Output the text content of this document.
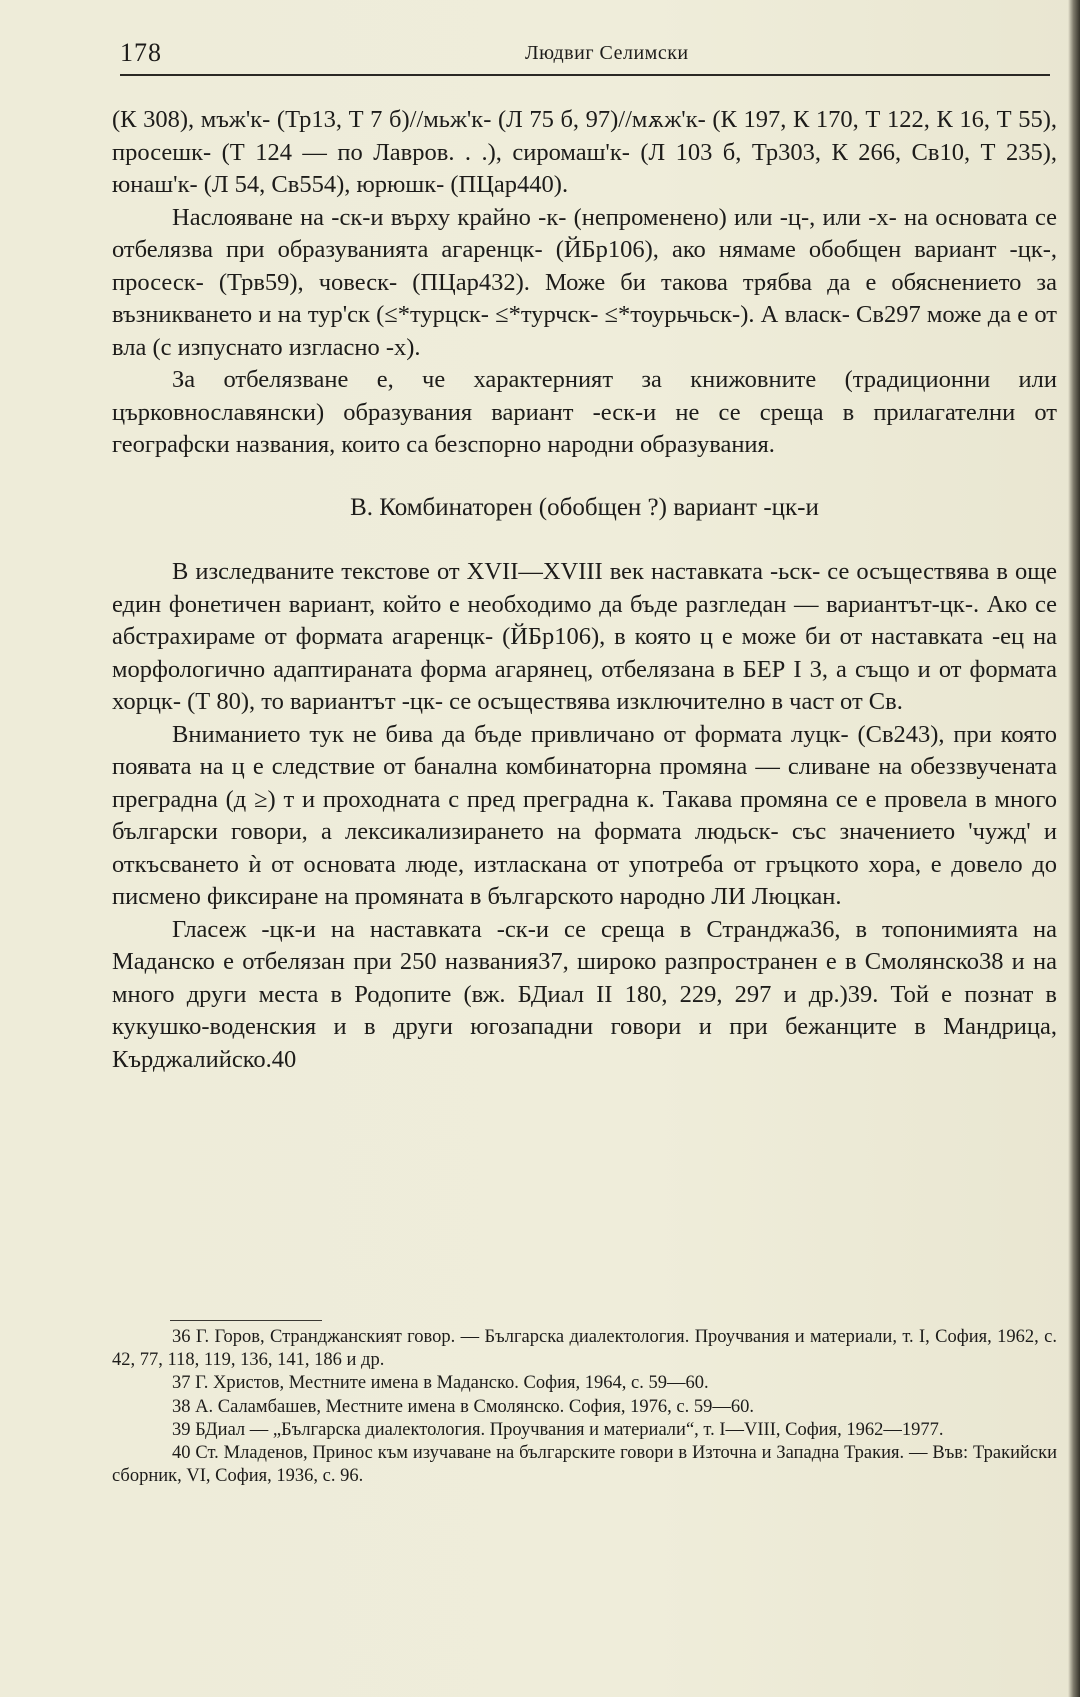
178	Людвиг Селимски

(К 308), мъж'к- (Тр13, Т 7 б)//мьж'к- (Л 75 б, 97)//мѫж'к- (К 197, К 170, Т 122, К 16, Т 55), просешк- (Т 124 — по Лавров. . .), сиромаш'к- (Л 103 б, Тр303, К 266, Св10, Т 235), юнаш'к- (Л 54, Св554), юрюшк- (ПЦар440).

Наслояване на -ск-и върху крайно -к- (непроменено) или -ц-, или -х- на основата се отбелязва при образуванията агаренцк- (ЙБр106), ако нямаме обобщен вариант -цк-, просеск- (Трв59), човеск- (ПЦар432). Може би такова трябва да е обяснението за възникването и на тур'ск (≤*турцск- ≤*турчск- ≤*тоурьчьск-). А власк- Св297 може да е от вла (с изпуснато изгласно -х).

За отбелязване е, че характерният за книжовните (традиционни или църковнославянски) образувания вариант -еск-и не се среща в прилагателни от географски названия, които са безспорно народни образувания.

В. Комбинаторен (обобщен ?) вариант -цк-и

В изследваните текстове от XVII—XVIII век наставката -ьск- се осъществява в още един фонетичен вариант, който е необходимо да бъде разгледан — вариантът-цк-. Ако се абстрахираме от формата агаренцк- (ЙБр106), в която ц е може би от наставката -ец на морфологично адаптираната форма агарянец, отбелязана в БЕР I 3, а също и от формата хорцк- (Т 80), то вариантът -цк- се осъществява изключително в част от Св.

Вниманието тук не бива да бъде привличано от формата луцк- (Св243), при която появата на ц е следствие от банална комбинаторна промяна — сливане на обеззвучената преградна (д ≥) т и проходната с пред преградна к. Такава промяна се е провела в много български говори, а лексикализирането на формата людьск- със значението 'чужд' и откъсването ѝ от основата люде, изтласкана от употреба от гръцкото хора, е довело до писмено фиксиране на промяната в българското народно ЛИ Люцкан.

Гласеж -цк-и на наставката -ск-и се среща в Странджа36, в топонимията на Маданско е отбелязан при 250 названия37, широко разпространен е в Смолянско38 и на много други места в Родопите (вж. БДиал II 180, 229, 297 и др.)39. Той е познат в кукушко-воденския и в други югозападни говори и при бежанците в Мандрица, Кърджалийско.40

36 Г. Горов, Странджанският говор. — Българска диалектология. Проучвания и материали, т. I, София, 1962, с. 42, 77, 118, 119, 136, 141, 186 и др.

37 Г. Христов, Местните имена в Маданско. София, 1964, с. 59—60.

38 А. Саламбашев, Местните имена в Смолянско. София, 1976, с. 59—60.

39 БДиал — „Българска диалектология. Проучвания и материали“, т. I—VIII, София, 1962—1977.

40 Ст. Младенов, Принос към изучаване на българските говори в Източна и Западна Тракия. — Във: Тракийски сборник, VI, София, 1936, с. 96.
